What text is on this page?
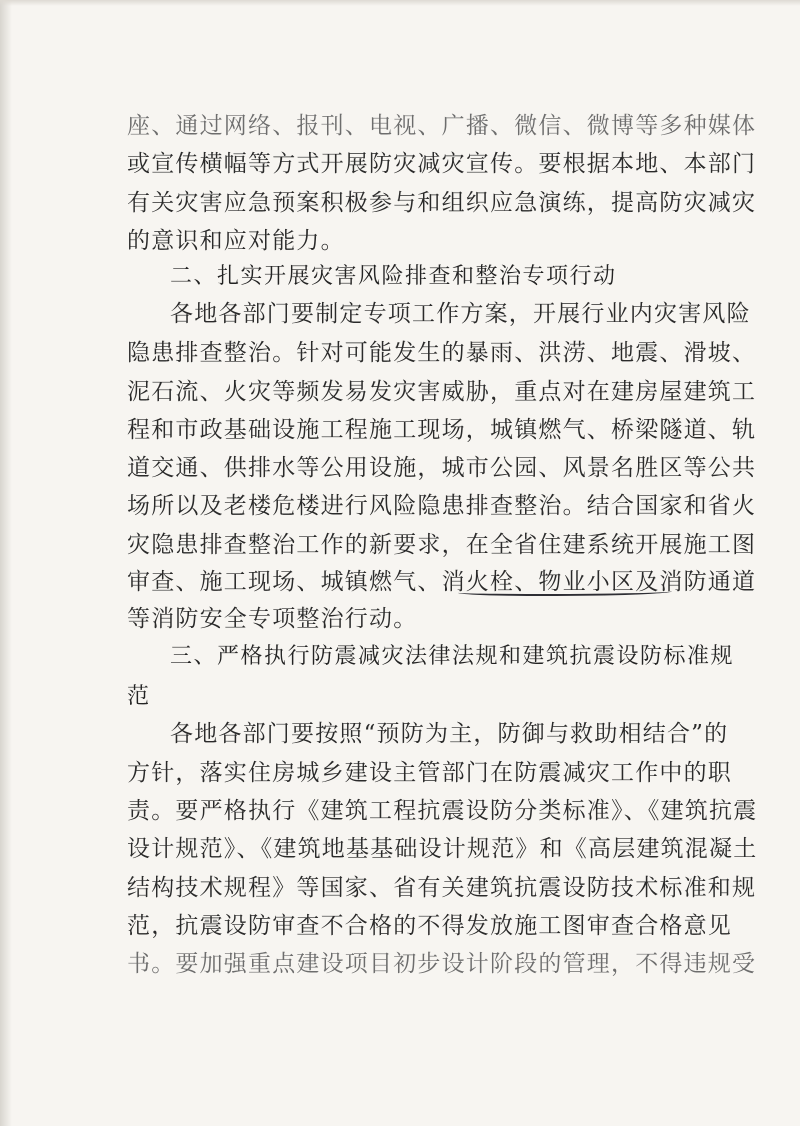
座、通过网络、报刊、电视、广播、微信、微博等多种媒体
或宣传横幅等方式开展防灾减灾宣传。要根据本地、本部门
有关灾害应急预案积极参与和组织应急演练，提高防灾减灾
的意识和应对能力。
二、扎实开展灾害风险排查和整治专项行动
各地各部门要制定专项工作方案，开展行业内灾害风险
隐患排查整治。针对可能发生的暴雨、洪涝、地震、滑坡、
泥石流、火灾等频发易发灾害威胁，重点对在建房屋建筑工
程和市政基础设施工程施工现场，城镇燃气、桥梁隧道、轨
道交通、供排水等公用设施，城市公园、风景名胜区等公共
场所以及老楼危楼进行风险隐患排查整治。结合国家和省火
灾隐患排查整治工作的新要求，在全省住建系统开展施工图
审查、施工现场、城镇燃气、消火栓、物业小区及消防通道
等消防安全专项整治行动。
三、严格执行防震减灾法律法规和建筑抗震设防标准规
范
各地各部门要按照“预防为主，防御与救助相结合”的
方针，落实住房城乡建设主管部门在防震减灾工作中的职
责。要严格执行《建筑工程抗震设防分类标准》、《建筑抗震
设计规范》、《建筑地基基础设计规范》和《高层建筑混凝土
结构技术规程》等国家、省有关建筑抗震设防技术标准和规
范，抗震设防审查不合格的不得发放施工图审查合格意见
书。要加强重点建设项目初步设计阶段的管理，不得违规受
